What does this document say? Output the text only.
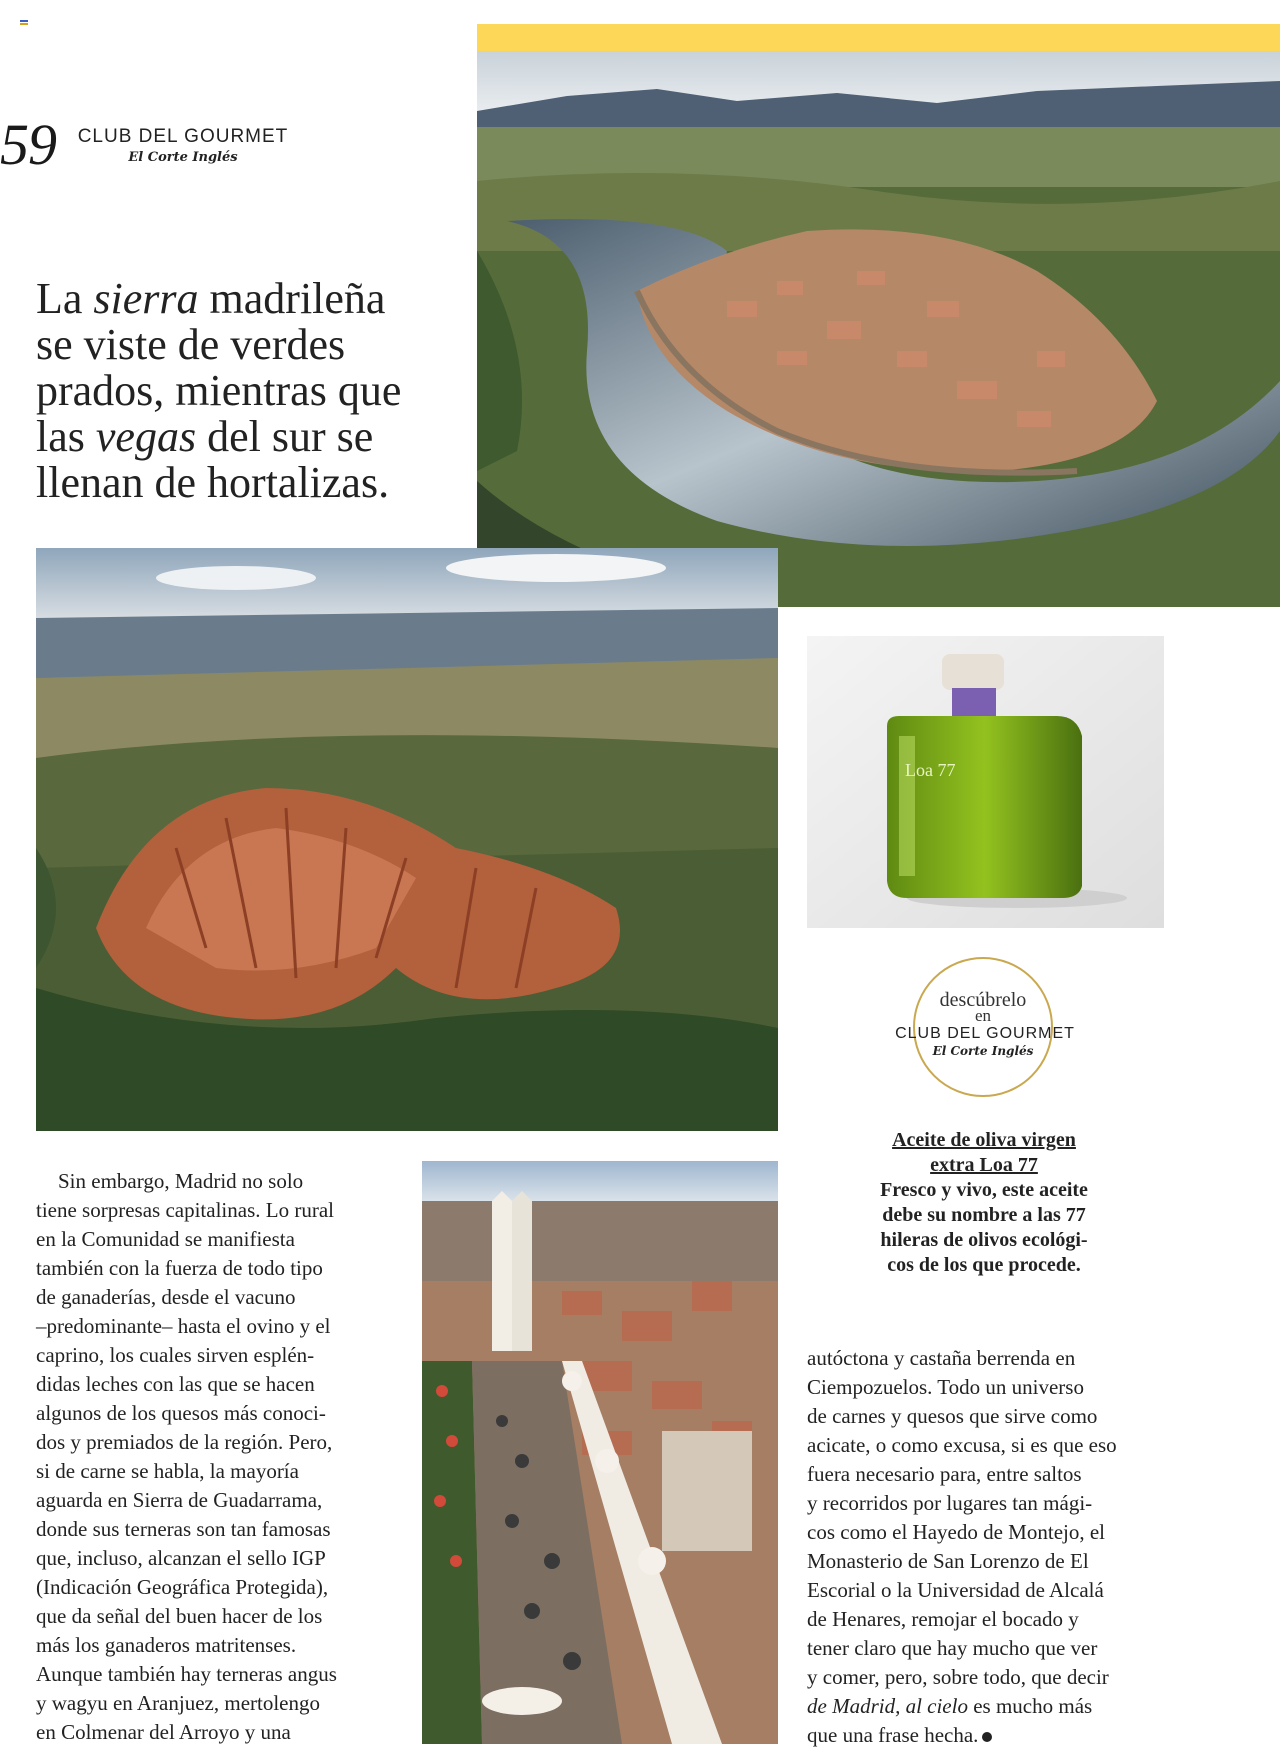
59 CLUB DEL GOURMET
El Corte Inglés
La sierra madrileña
se viste de verdes
prados, mientras que
las vegas del sur se
llenan de hortalizas.
Loa 77
descúbrelo
en
CLUB DEL GOURMET
El Corte Inglés
Aceite de oliva virgen
extra Loa 77
Fresco y vivo, este aceite
debe su nombre a las 77
hileras de olivos ecológi-
cos de los que procede.
Sin embargo, Madrid no solo
tiene sorpresas capitalinas. Lo rural
en la Comunidad se manifiesta
también con la fuerza de todo tipo
de ganaderías, desde el vacuno
–predominante– hasta el ovino y el
caprino, los cuales sirven esplén-
didas leches con las que se hacen
algunos de los quesos más conoci-
dos y premiados de la región. Pero,
si de carne se habla, la mayoría
aguarda en Sierra de Guadarrama,
donde sus terneras son tan famosas
que, incluso, alcanzan el sello IGP
(Indicación Geográfica Protegida),
que da señal del buen hacer de los
más los ganaderos matritenses.
Aunque también hay terneras angus
y wagyu en Aranjuez, mertolengo
en Colmenar del Arroyo y una
autóctona y castaña berrenda en
Ciempozuelos. Todo un universo
de carnes y quesos que sirve como
acicate, o como excusa, si es que eso
fuera necesario para, entre saltos
y recorridos por lugares tan mági-
cos como el Hayedo de Montejo, el
Monasterio de San Lorenzo de El
Escorial o la Universidad de Alcalá
de Henares, remojar el bocado y
tener claro que hay mucho que ver
y comer, pero, sobre todo, que decir
de Madrid, al cielo es mucho más
que una frase hecha.
